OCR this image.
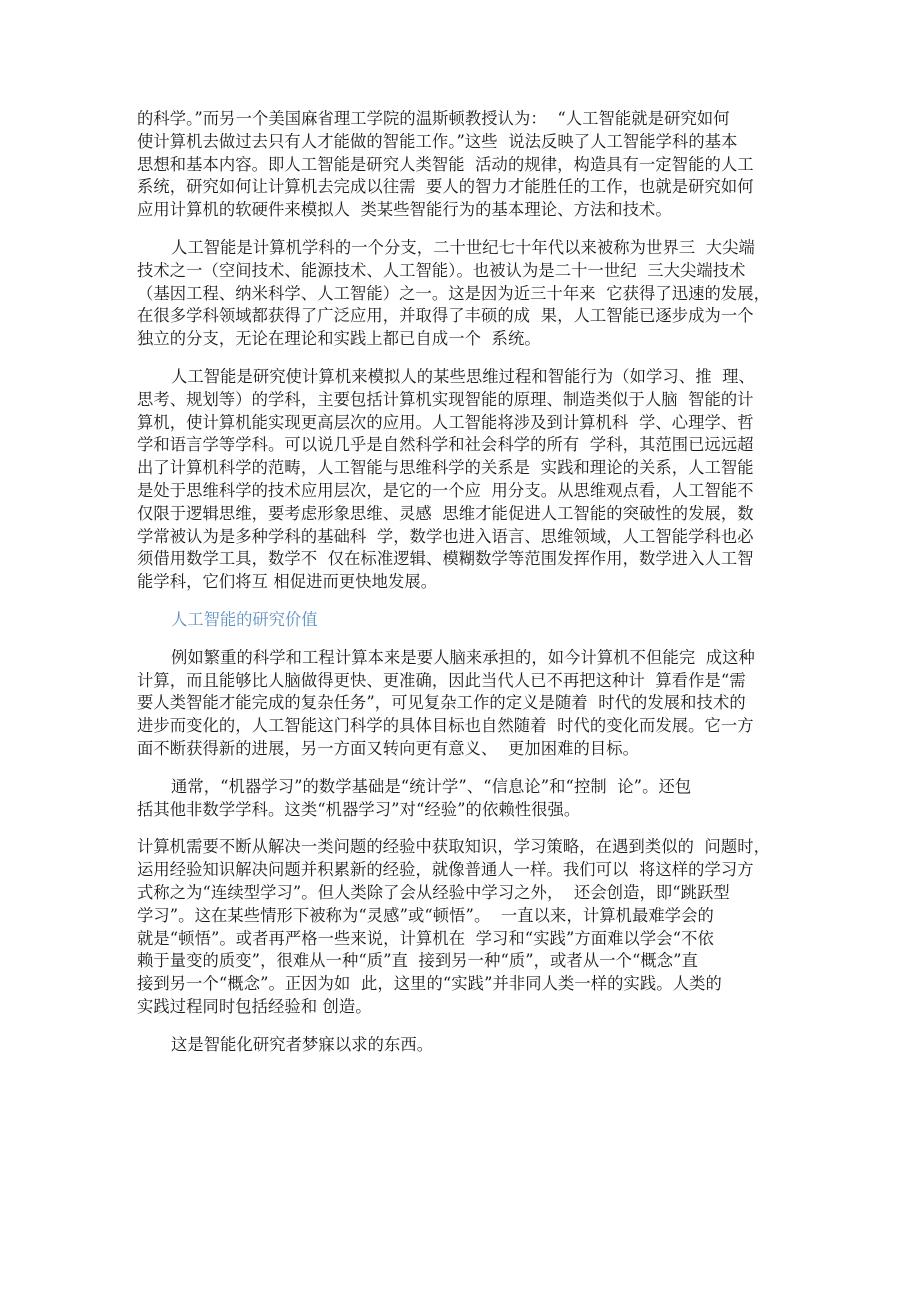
的科学。”而另一个美国麻省理工学院的温斯顿教授认为：  “人工智能就是研究如何
使计算机去做过去只有人才能做的智能工作。”这些  说法反映了人工智能学科的基本
思想和基本内容。即人工智能是研究人类智能  活动的规律，构造具有一定智能的人工
系统，研究如何让计算机去完成以往需  要人的智力才能胜任的工作，也就是研究如何
应用计算机的软硬件来模拟人  类某些智能行为的基本理论、方法和技术。
人工智能是计算机学科的一个分支，二十世纪七十年代以来被称为世界三  大尖端
技术之一（空间技术、能源技术、人工智能）。也被认为是二十一世纪  三大尖端技术
（基因工程、纳米科学、人工智能）之一。这是因为近三十年来  它获得了迅速的发展，
在很多学科领域都获得了广泛应用，并取得了丰硕的成  果，人工智能已逐步成为一个
独立的分支，无论在理论和实践上都已自成一个  系统。
人工智能是研究使计算机来模拟人的某些思维过程和智能行为（如学习、推  理、
思考、规划等）的学科，主要包括计算机实现智能的原理、制造类似于人脑  智能的计
算机，使计算机能实现更高层次的应用。人工智能将涉及到计算机科  学、心理学、哲
学和语言学等学科。可以说几乎是自然科学和社会科学的所有  学科，其范围已远远超
出了计算机科学的范畴，人工智能与思维科学的关系是  实践和理论的关系，人工智能
是处于思维科学的技术应用层次，是它的一个应  用分支。从思维观点看，人工智能不
仅限于逻辑思维，要考虑形象思维、灵感  思维才能促进人工智能的突破性的发展，数
学常被认为是多种学科的基础科  学，数学也进入语言、思维领域，人工智能学科也必
须借用数学工具，数学不  仅在标准逻辑、模糊数学等范围发挥作用，数学进入人工智
能学科，它们将互 相促进而更快地发展。
人工智能的研究价值
例如繁重的科学和工程计算本来是要人脑来承担的，如今计算机不但能完  成这种
计算，而且能够比人脑做得更快、更准确，因此当代人已不再把这种计  算看作是“需
要人类智能才能完成的复杂任务”，可见复杂工作的定义是随着  时代的发展和技术的
进步而变化的，人工智能这门科学的具体目标也自然随着  时代的变化而发展。它一方
面不断获得新的进展，另一方面又转向更有意义、  更加困难的目标。
通常，“机器学习”的数学基础是“统计学”、“信息论”和“控制  论”。还包
括其他非数学学科。这类“机器学习”对“经验”的依赖性很强。
计算机需要不断从解决一类问题的经验中获取知识，学习策略，在遇到类似的  问题时，
运用经验知识解决问题并积累新的经验，就像普通人一样。我们可以  将这样的学习方
式称之为“连续型学习”。但人类除了会从经验中学习之外，  还会创造，即“跳跃型
学习”。这在某些情形下被称为“灵感”或“顿悟”。  一直以来，计算机最难学会的
就是“顿悟”。或者再严格一些来说，计算机在  学习和“实践”方面难以学会“不依
赖于量变的质变”，很难从一种“质”直  接到另一种“质”，或者从一个“概念”直
接到另一个“概念”。正因为如  此，这里的“实践”并非同人类一样的实践。人类的
实践过程同时包括经验和 创造。
这是智能化研究者梦寐以求的东西。
